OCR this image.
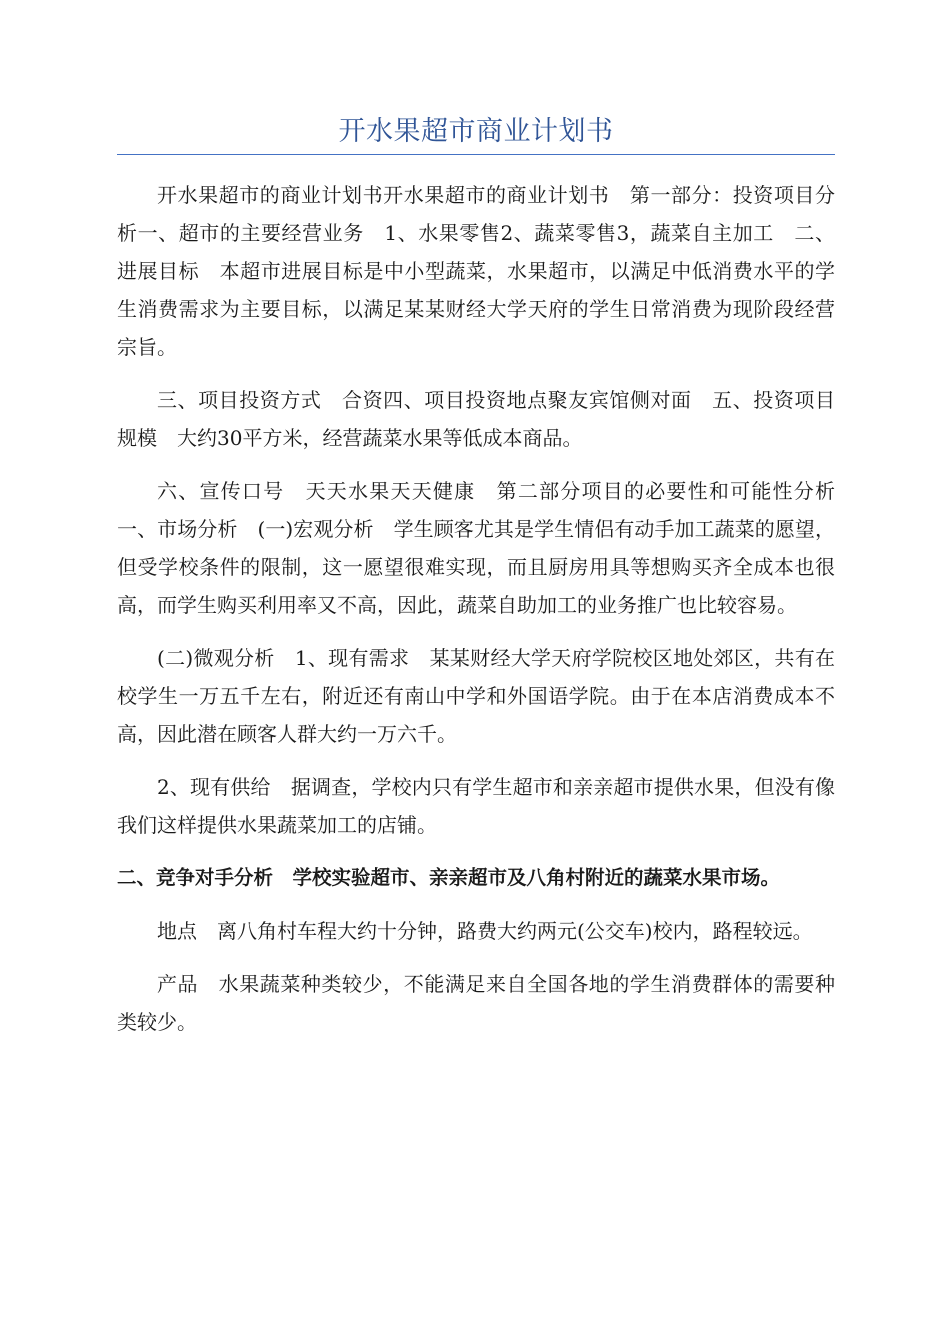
开水果超市商业计划书

开水果超市的商业计划书开水果超市的商业计划书　第一部分：投资项目分析一、超市的主要经营业务　1、水果零售2、蔬菜零售3，蔬菜自主加工　二、进展目标　本超市进展目标是中小型蔬菜，水果超市，以满足中低消费水平的学生消费需求为主要目标，以满足某某财经大学天府的学生日常消费为现阶段经营宗旨。

三、项目投资方式　合资四、项目投资地点聚友宾馆侧对面　五、投资项目规模　大约30平方米，经营蔬菜水果等低成本商品。

六、宣传口号　天天水果天天健康　第二部分项目的必要性和可能性分析　一、市场分析　(一)宏观分析　学生顾客尤其是学生情侣有动手加工蔬菜的愿望，但受学校条件的限制，这一愿望很难实现，而且厨房用具等想购买齐全成本也很高，而学生购买利用率又不高，因此，蔬菜自助加工的业务推广也比较容易。

(二)微观分析　1、现有需求　某某财经大学天府学院校区地处郊区，共有在校学生一万五千左右，附近还有南山中学和外国语学院。由于在本店消费成本不高，因此潜在顾客人群大约一万六千。

2、现有供给　据调查，学校内只有学生超市和亲亲超市提供水果，但没有像我们这样提供水果蔬菜加工的店铺。

二、竞争对手分析　学校实验超市、亲亲超市及八角村附近的蔬菜水果市场。

地点　离八角村车程大约十分钟，路费大约两元(公交车)校内，路程较远。

产品　水果蔬菜种类较少，不能满足来自全国各地的学生消费群体的需要种类较少。
